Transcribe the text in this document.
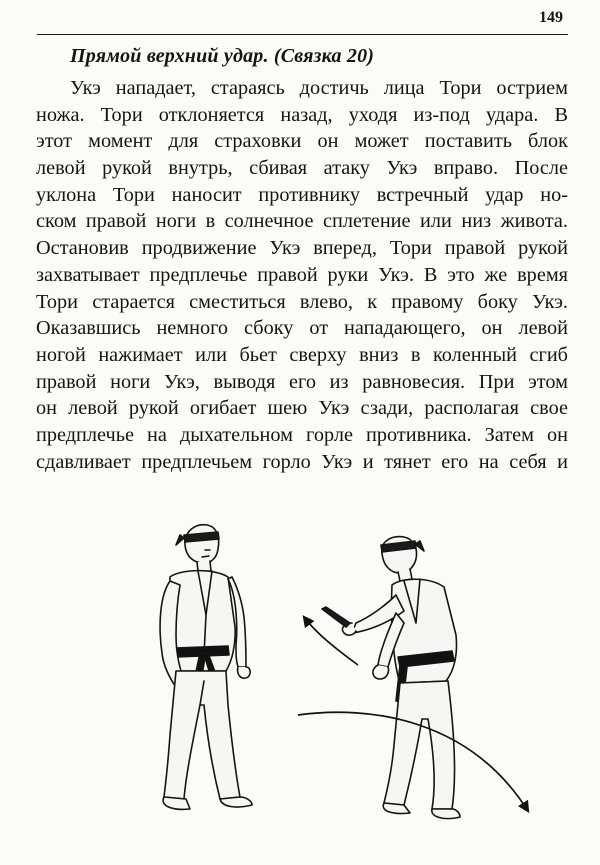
149
Прямой верхний удар. (Связка 20)
Укэ нападает, стараясь достичь лица Тори острием
ножа. Тори отклоняется назад, уходя из-под удара. В
этот момент для страховки он может поставить блок
левой рукой внутрь, сбивая атаку Укэ вправо. После
уклона Тори наносит противнику встречный удар но-
ском правой ноги в солнечное сплетение или низ живота.
Остановив продвижение Укэ вперед, Тори правой рукой
захватывает предплечье правой руки Укэ. В это же время
Тори старается сместиться влево, к правому боку Укэ.
Оказавшись немного сбоку от нападающего, он левой
ногой нажимает или бьет сверху вниз в коленный сгиб
правой ноги Укэ, выводя его из равновесия. При этом
он левой рукой огибает шею Укэ сзади, располагая свое
предплечье на дыхательном горле противника. Затем он
сдавливает предплечьем горло Укэ и тянет его на себя и
